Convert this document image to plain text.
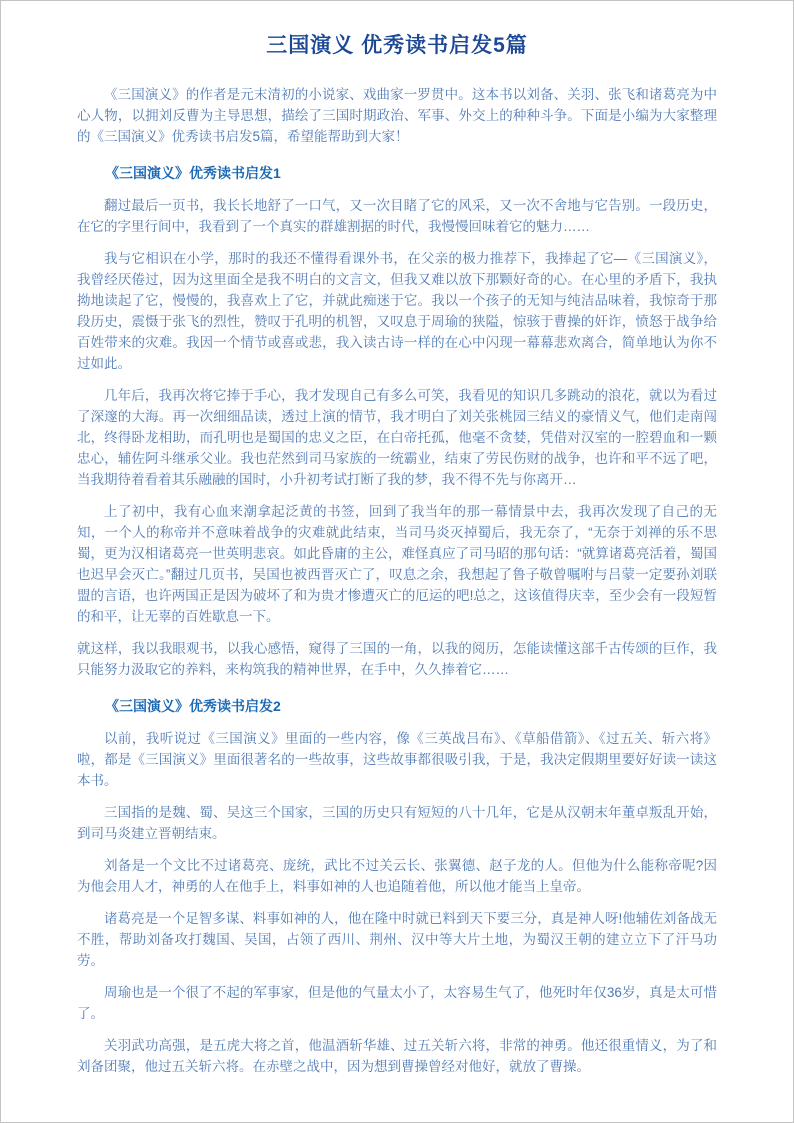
三国演义 优秀读书启发5篇

《三国演义》的作者是元末清初的小说家、戏曲家一罗贯中。这本书以刘备、关羽、张飞和诸葛亮为中心人物，以拥刘反曹为主导思想，描绘了三国时期政治、军事、外交上的种种斗争。下面是小编为大家整理的《三国演义》优秀读书启发5篇，希望能帮助到大家！

《三国演义》优秀读书启发1

翻过最后一页书，我长长地舒了一口气，又一次目睹了它的风采，又一次不舍地与它告别。一段历史，在它的字里行间中，我看到了一个真实的群雄割据的时代，我慢慢回味着它的魅力……

我与它相识在小学，那时的我还不懂得看课外书，在父亲的极力推荐下，我捧起了它—《三国演义》，我曾经厌倦过，因为这里面全是我不明白的文言文，但我又难以放下那颗好奇的心。在心里的矛盾下，我执拗地读起了它，慢慢的，我喜欢上了它，并就此痴迷于它。我以一个孩子的无知与纯洁品味着，我惊奇于那段历史，震慑于张飞的烈性，赞叹于孔明的机智，又叹息于周瑜的狭隘，惊骇于曹操的奸诈，愤怒于战争给百姓带来的灾难。我因一个情节或喜或悲，我入读古诗一样的在心中闪现一幕幕悲欢离合，简单地认为你不过如此。

几年后，我再次将它捧于手心，我才发现自己有多么可笑，我看见的知识几多跳动的浪花，就以为看过了深邃的大海。再一次细细品读，透过上演的情节，我才明白了刘关张桃园三结义的豪情义气，他们走南闯北，终得卧龙相助，而孔明也是蜀国的忠义之臣，在白帝托孤，他毫不贪婪，凭借对汉室的一腔碧血和一颗忠心，辅佐阿斗继承父业。我也茫然到司马家族的一统霸业，结束了劳民伤财的战争，也许和平不远了吧，当我期待着看着其乐融融的国时，小升初考试打断了我的梦，我不得不先与你离开…

上了初中，我有心血来潮拿起泛黄的书签，回到了我当年的那一幕情景中去，我再次发现了自己的无知，一个人的称帝并不意味着战争的灾难就此结束，当司马炎灭掉蜀后，我无奈了，“无奈于刘禅的乐不思蜀，更为汉相诸葛亮一世英明悲哀。如此昏庸的主公，难怪真应了司马昭的那句话：“就算诸葛亮活着，蜀国也迟早会灭亡。”翻过几页书，吴国也被西晋灭亡了，叹息之余，我想起了鲁子敬曾嘱咐与吕蒙一定要孙刘联盟的言语，也许两国正是因为破坏了和为贵才惨遭灭亡的厄运的吧!总之，这该值得庆幸，至少会有一段短暂的和平，让无辜的百姓歇息一下。

就这样，我以我眼观书，以我心感悟，窥得了三国的一角，以我的阅历，怎能读懂这部千古传颂的巨作，我只能努力汲取它的养料，来构筑我的精神世界，在手中，久久捧着它……

《三国演义》优秀读书启发2

以前，我听说过《三国演义》里面的一些内容，像《三英战吕布》、《草船借箭》、《过五关、斩六将》啦，都是《三国演义》里面很著名的一些故事，这些故事都很吸引我，于是，我决定假期里要好好读一读这本书。

三国指的是魏、蜀、吴这三个国家，三国的历史只有短短的八十几年，它是从汉朝末年董卓叛乱开始，到司马炎建立晋朝结束。

刘备是一个文比不过诸葛亮、庞统，武比不过关云长、张翼德、赵子龙的人。但他为什么能称帝呢?因为他会用人才，神勇的人在他手上，料事如神的人也追随着他，所以他才能当上皇帝。

诸葛亮是一个足智多谋、料事如神的人，他在隆中时就已料到天下要三分，真是神人呀!他辅佐刘备战无不胜，帮助刘备攻打魏国、吴国，占领了西川、荆州、汉中等大片土地，为蜀汉王朝的建立立下了汗马功劳。

周瑜也是一个很了不起的军事家，但是他的气量太小了，太容易生气了，他死时年仅36岁，真是太可惜了。

关羽武功高强，是五虎大将之首，他温酒斩华雄、过五关斩六将，非常的神勇。他还很重情义，为了和刘备团聚，他过五关斩六将。在赤壁之战中，因为想到曹操曾经对他好，就放了曹操。
